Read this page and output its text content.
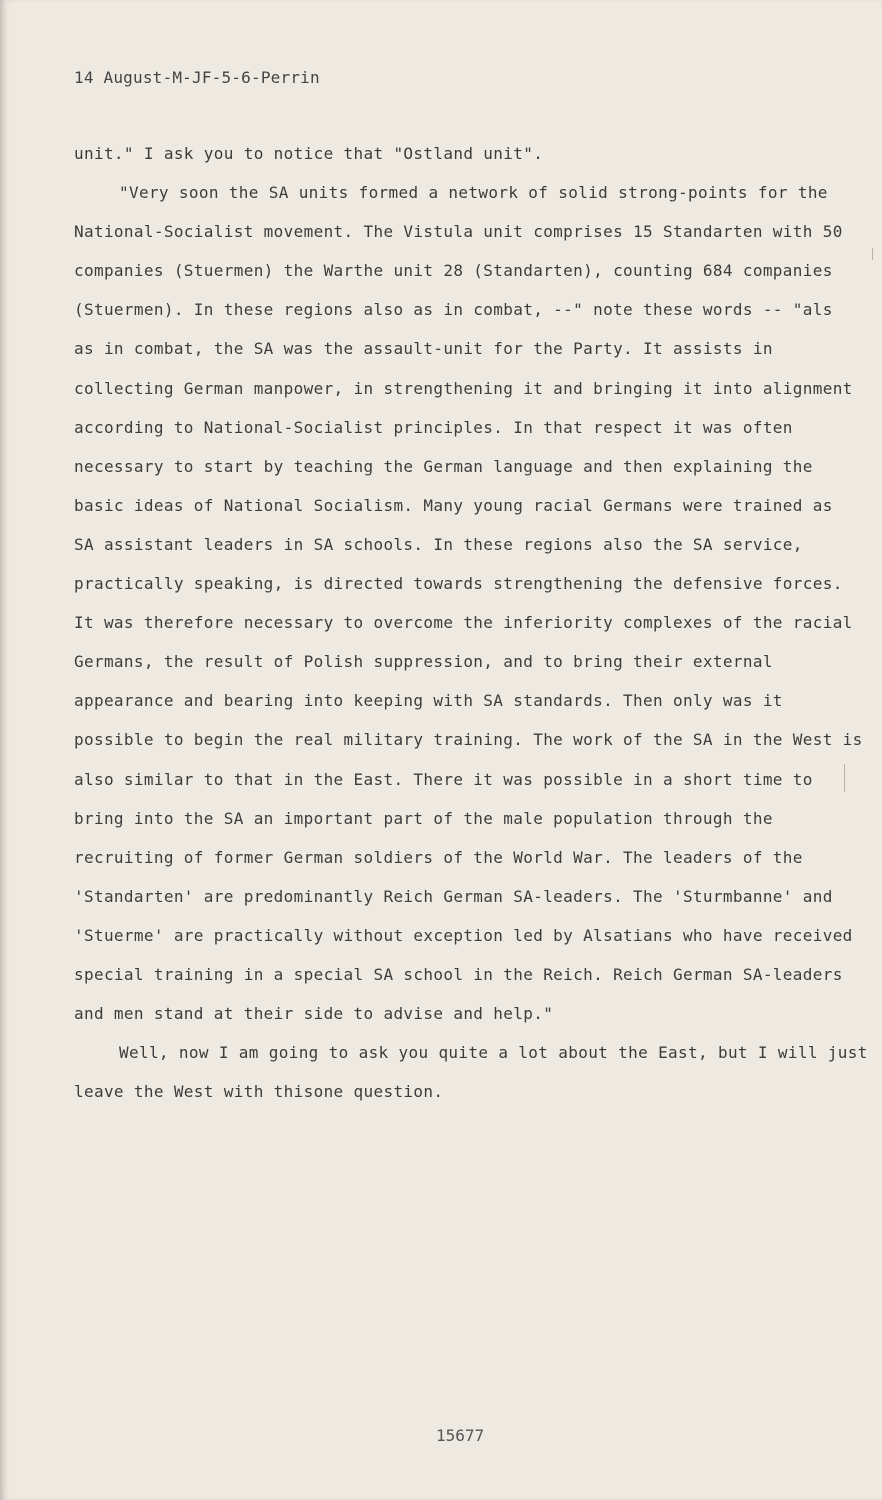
14 August-M-JF-5-6-Perrin
unit." I ask you to notice that "Ostland unit".
"Very soon the SA units formed a network of solid strong-points for the
National-Socialist movement. The Vistula unit comprises 15 Standarten with 50
companies (Stuermen) the Warthe unit 28 (Standarten), counting 684 companies
(Stuermen). In these regions also as in combat, --" note these words -- "als
as in combat, the SA was the assault-unit for the Party. It assists in
collecting German manpower, in strengthening it and bringing it into alignment
according to National-Socialist principles. In that respect it was often
necessary to start by teaching the German language and then explaining the
basic ideas of National Socialism. Many young racial Germans were trained as
SA assistant leaders in SA schools. In these regions also the SA service,
practically speaking, is directed towards strengthening the defensive forces.
It was therefore necessary to overcome the inferiority complexes of the racial
Germans, the result of Polish suppression, and to bring their external
appearance and bearing into keeping with SA standards. Then only was it
possible to begin the real military training. The work of the SA in the West is
also similar to that in the East. There it was possible in a short time to
bring into the SA an important part of the male population through the
recruiting of former German soldiers of the World War. The leaders of the
'Standarten' are predominantly Reich German SA-leaders. The 'Sturmbanne' and
'Stuerme' are practically without exception led by Alsatians who have received
special training in a special SA school in the Reich. Reich German SA-leaders
and men stand at their side to advise and help."
Well, now I am going to ask you quite a lot about the East, but I will just
leave the West with thisone question.
15677
